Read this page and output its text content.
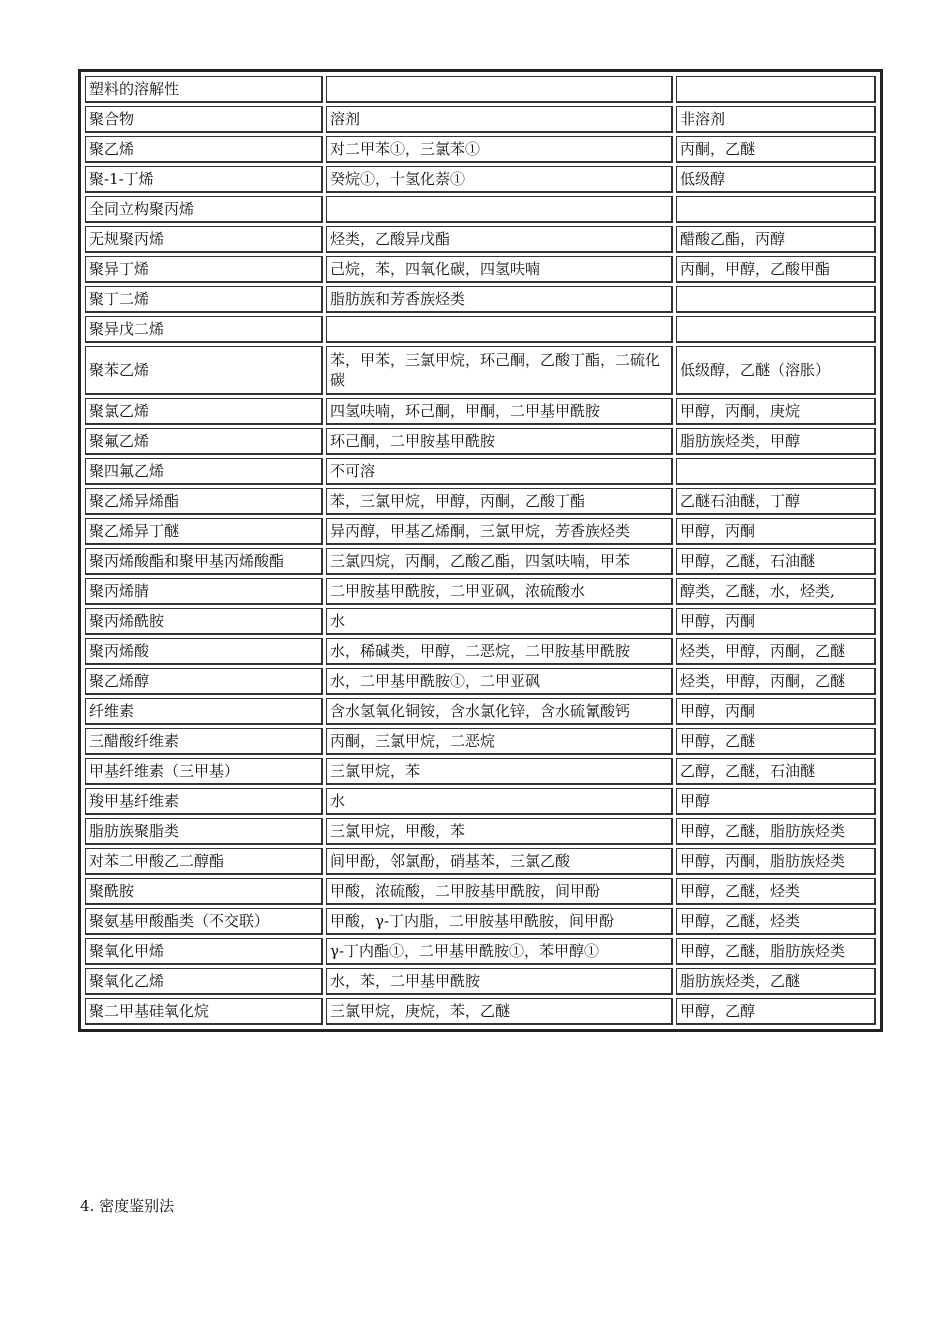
塑料的溶解性		
聚合物	溶剂	非溶剂
聚乙烯	对二甲苯①，三氯苯①	丙酮，乙醚
聚-1-丁烯	癸烷①，十氢化萘①	低级醇
全同立构聚丙烯		
无规聚丙烯	烃类，乙酸异戊酯	醋酸乙酯，丙醇
聚异丁烯	己烷，苯，四氧化碳，四氢呋喃	丙酮，甲醇，乙酸甲酯
聚丁二烯	脂肪族和芳香族烃类	
聚异戊二烯		
聚苯乙烯	苯，甲苯，三氯甲烷，环己酮，乙酸丁酯，二硫化碳	低级醇，乙醚（溶胀）
聚氯乙烯	四氢呋喃，环己酮，甲酮，二甲基甲酰胺	甲醇，丙酮，庚烷
聚氟乙烯	环己酮，二甲胺基甲酰胺	脂肪族烃类，甲醇
聚四氟乙烯	不可溶	
聚乙烯异烯酯	苯，三氯甲烷，甲醇，丙酮，乙酸丁酯	乙醚石油醚，丁醇
聚乙烯异丁醚	异丙醇，甲基乙烯酮，三氯甲烷，芳香族烃类	甲醇，丙酮
聚丙烯酸酯和聚甲基丙烯酸酯	三氯四烷，丙酮，乙酸乙酯，四氢呋喃，甲苯	甲醇，乙醚，石油醚
聚丙烯腈	二甲胺基甲酰胺，二甲亚砜，浓硫酸水	醇类，乙醚，水，烃类,
聚丙烯酰胺	水	甲醇，丙酮
聚丙烯酸	水，稀碱类，甲醇，二恶烷，二甲胺基甲酰胺	烃类，甲醇，丙酮，乙醚
聚乙烯醇	水，二甲基甲酰胺①，二甲亚砜	烃类，甲醇，丙酮，乙醚
纤维素	含水氢氧化铜铵，含水氯化锌，含水硫氰酸钙	甲醇，丙酮
三醋酸纤维素	丙酮，三氯甲烷，二恶烷	甲醇，乙醚
甲基纤维素（三甲基）	三氯甲烷，苯	乙醇，乙醚，石油醚
羧甲基纤维素	水	甲醇
脂肪族聚脂类	三氯甲烷，甲酸，苯	甲醇，乙醚，脂肪族烃类
对苯二甲酸乙二醇酯	间甲酚，邻氯酚，硝基苯，三氯乙酸	甲醇，丙酮，脂肪族烃类
聚酰胺	甲酸，浓硫酸，二甲胺基甲酰胺，间甲酚	甲醇，乙醚，烃类
聚氨基甲酸酯类（不交联）	甲酸，γ-丁内脂，二甲胺基甲酰胺，间甲酚	甲醇，乙醚，烃类
聚氧化甲烯	γ-丁内酯①，二甲基甲酰胺①，苯甲醇①	甲醇，乙醚，脂肪族烃类
聚氧化乙烯	水，苯，二甲基甲酰胺	脂肪族烃类，乙醚
聚二甲基硅氧化烷	三氯甲烷，庚烷，苯，乙醚	甲醇，乙醇
4. 密度鉴别法
